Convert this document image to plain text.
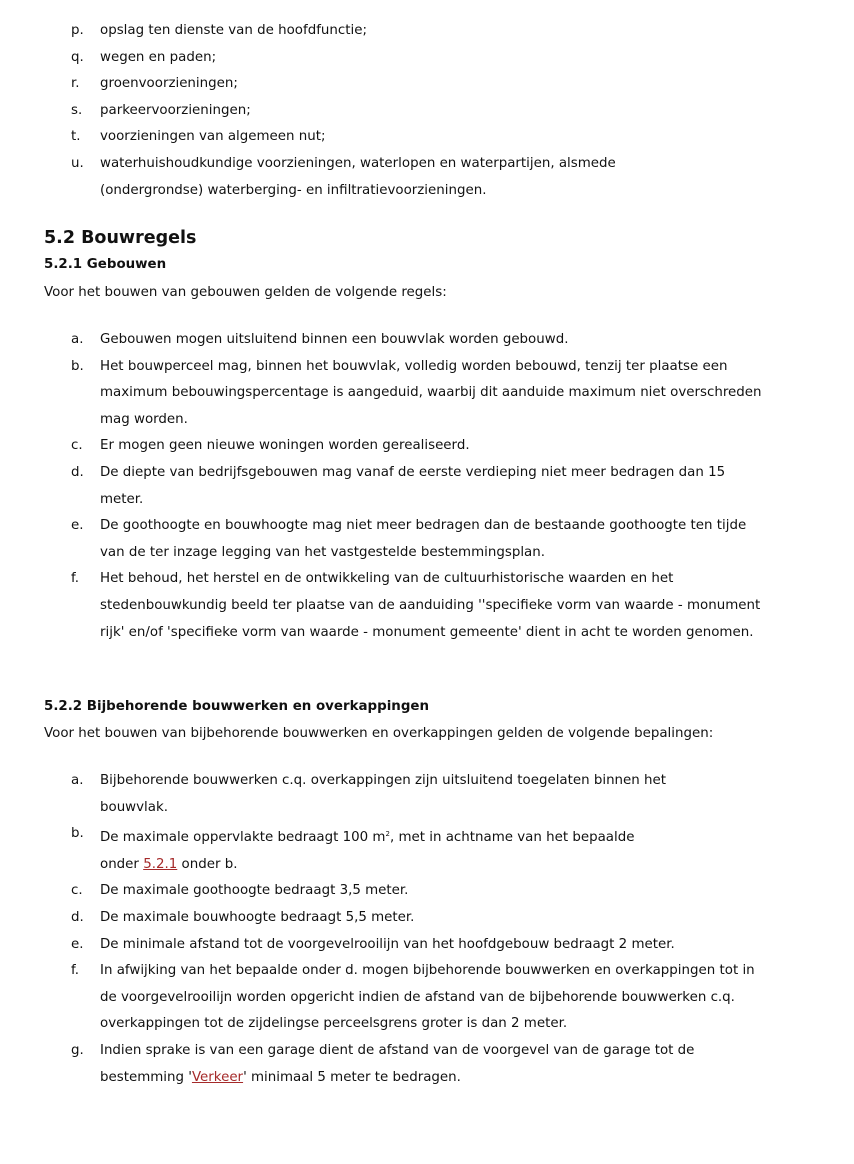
p. opslag ten dienste van de hoofdfunctie;
q. wegen en paden;
r. groenvoorzieningen;
s. parkeervoorzieningen;
t. voorzieningen van algemeen nut;
u. waterhuishoudkundige voorzieningen, waterlopen en waterpartijen, alsmede (ondergrondse) waterberging- en infiltratievoorzieningen.
5.2 Bouwregels
5.2.1 Gebouwen

Voor het bouwen van gebouwen gelden de volgende regels:

a. Gebouwen mogen uitsluitend binnen een bouwvlak worden gebouwd.
b. Het bouwperceel mag, binnen het bouwvlak, volledig worden bebouwd, tenzij ter plaatse een maximum bebouwingspercentage is aangeduid, waarbij dit aanduide maximum niet overschreden mag worden.
c. Er mogen geen nieuwe woningen worden gerealiseerd.
d. De diepte van bedrijfsgebouwen mag vanaf de eerste verdieping niet meer bedragen dan 15 meter.
e. De goothoogte en bouwhoogte mag niet meer bedragen dan de bestaande goothoogte ten tijde van de ter inzage legging van het vastgestelde bestemmingsplan.
f. Het behoud, het herstel en de ontwikkeling van de cultuurhistorische waarden en het stedenbouwkundig beeld ter plaatse van de aanduiding ''specifieke vorm van waarde - monument rijk' en/of 'specifieke vorm van waarde - monument gemeente' dient in acht te worden genomen.
5.2.2 Bijbehorende bouwwerken en overkappingen

Voor het bouwen van bijbehorende bouwwerken en overkappingen gelden de volgende bepalingen:

a. Bijbehorende bouwwerken c.q. overkappingen zijn uitsluitend toegelaten binnen het bouwvlak.
b. De maximale oppervlakte bedraagt 100 $m^2$, met in achtname van het bepaalde
onder 5.2.1 onder b.
c. De maximale goothoogte bedraagt 3,5 meter.
d. De maximale bouwhoogte bedraagt 5,5 meter.
e. De minimale afstand tot de voorgevelrooilijn van het hoofdgebouw bedraagt 2 meter.
f. In afwijking van het bepaalde onder d. mogen bijbehorende bouwwerken en overkappingen tot in de voorgevelrooilijn worden opgericht indien de afstand van de bijbehorende bouwwerken c.q. overkappingen tot de zijdelingse perceelsgrens groter is dan 2 meter.
g. Indien sprake is van een garage dient de afstand van de voorgevel van de garage tot de bestemming 'Verkeer' minimaal 5 meter te bedragen.
